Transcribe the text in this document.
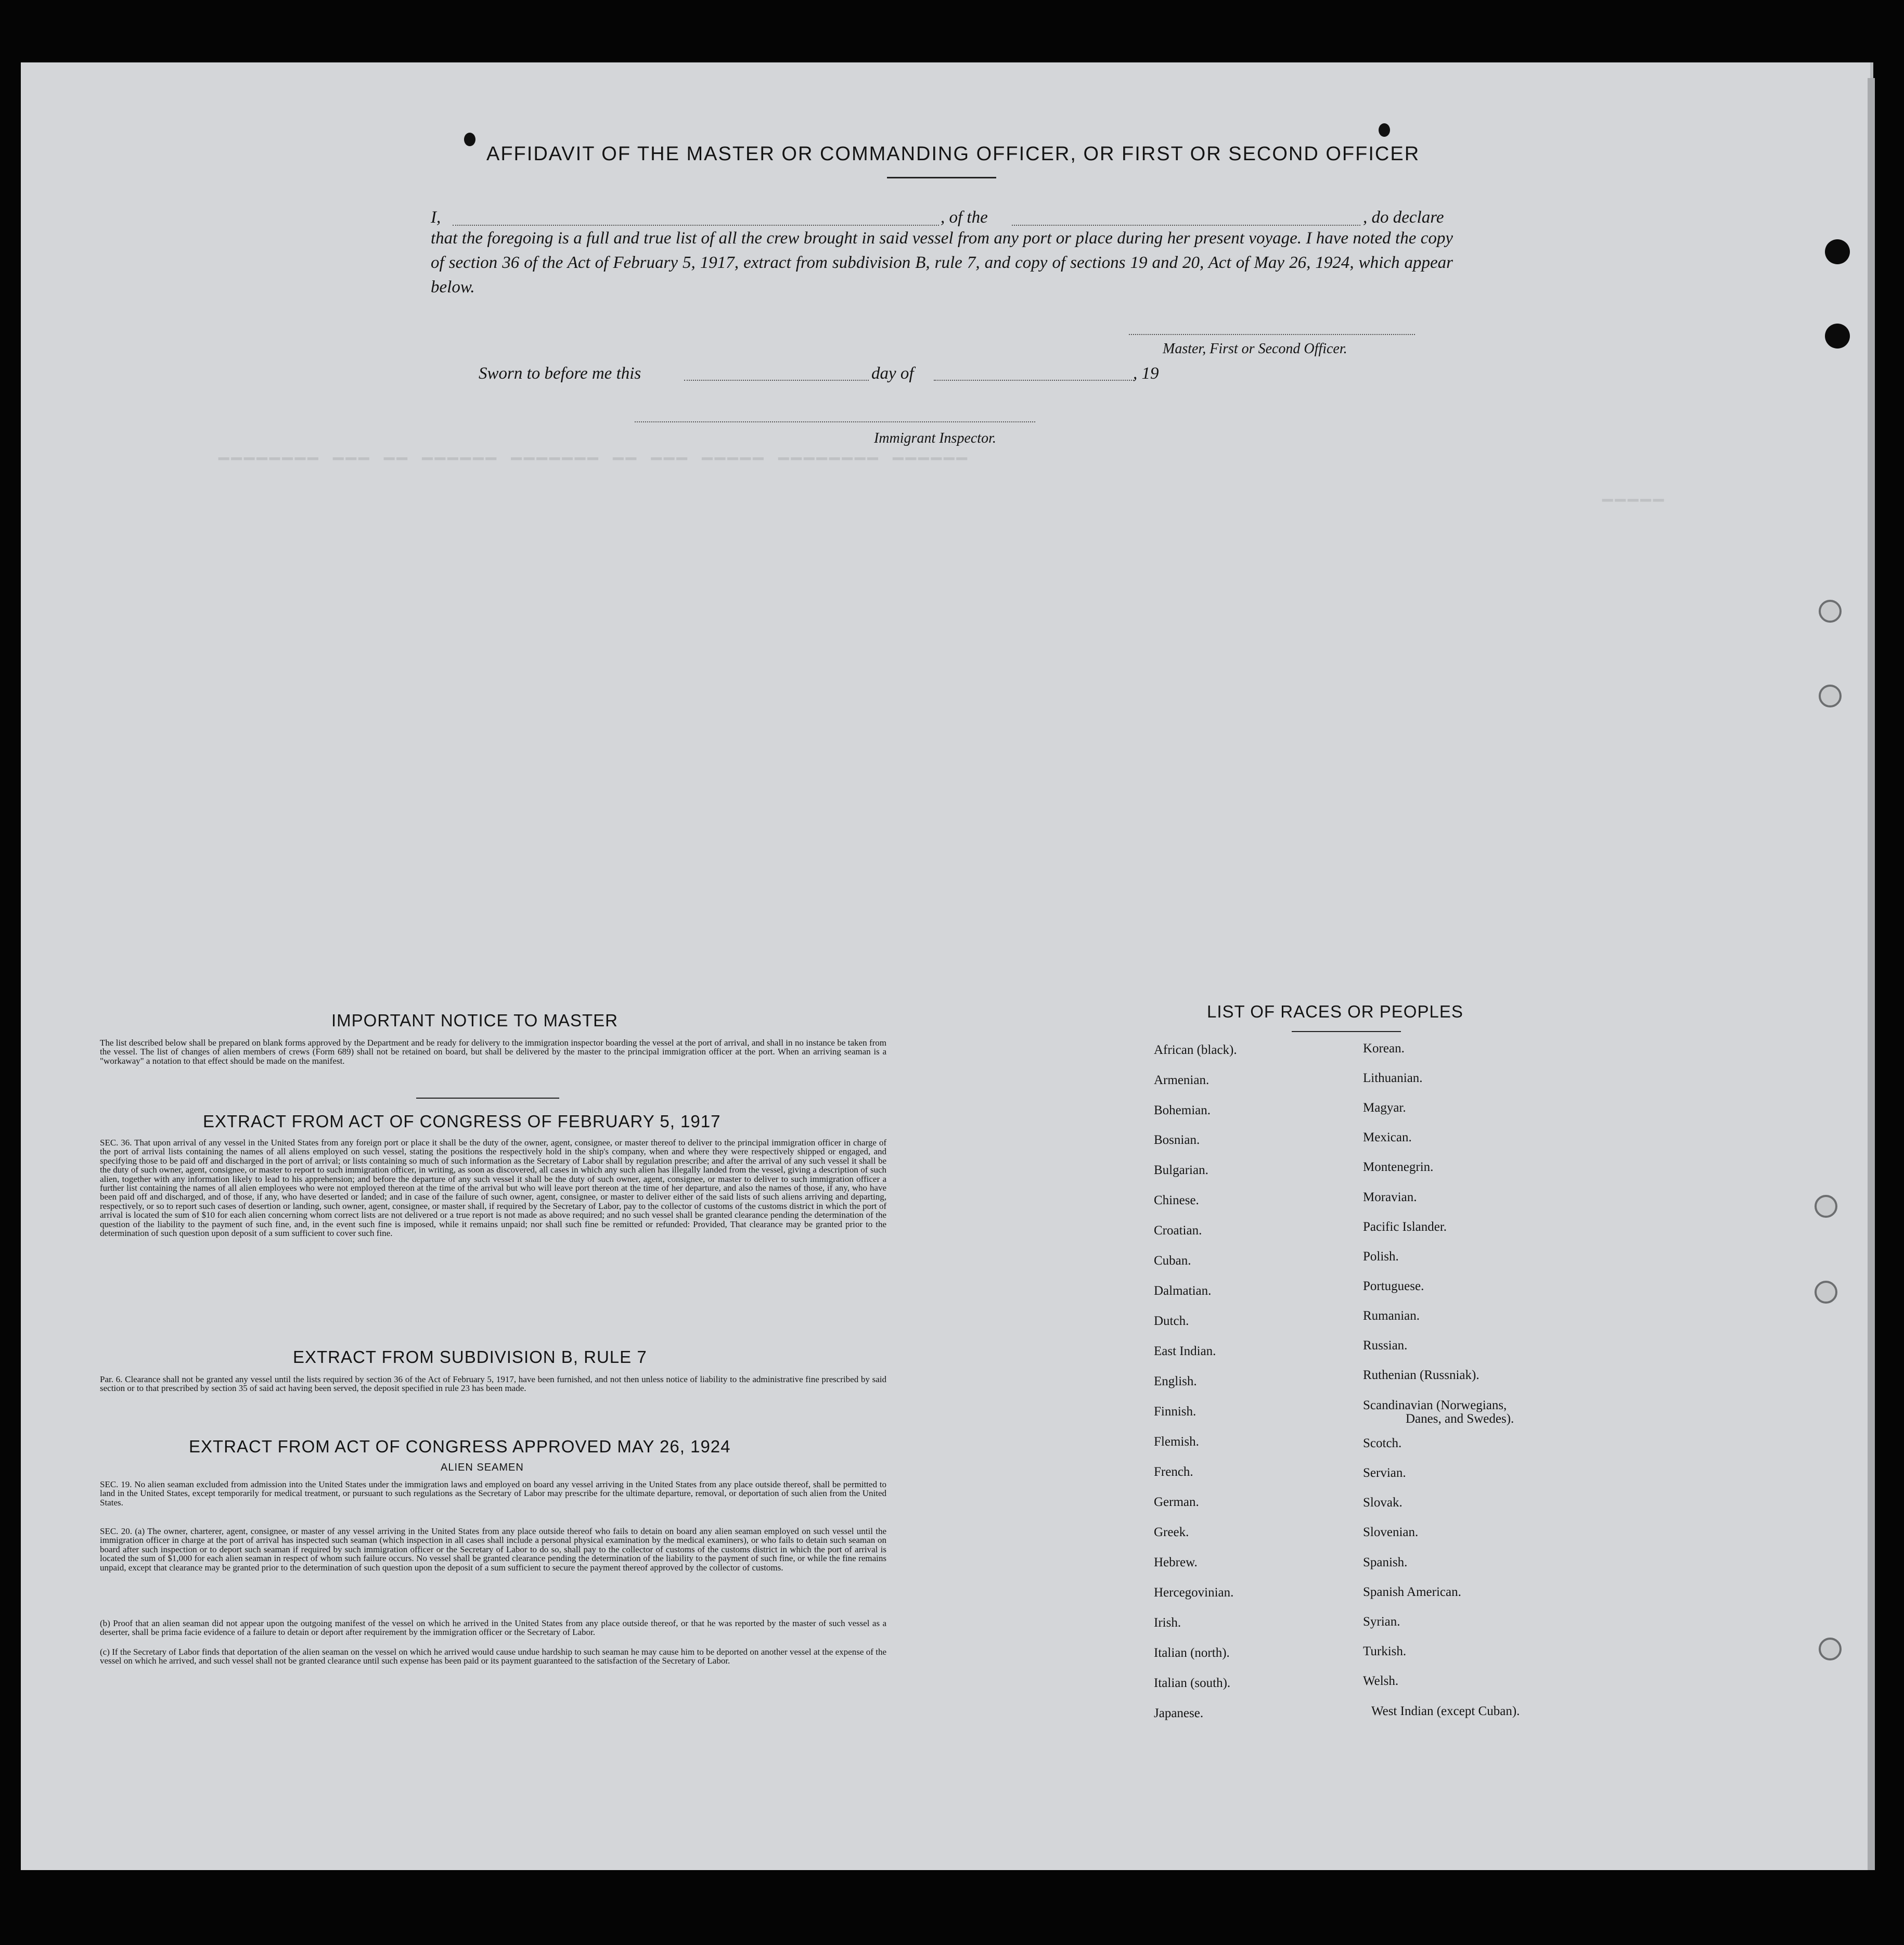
▔▔▔▔▔▔▔▔ ▔▔▔ ▔▔ ▔▔▔▔▔▔ ▔▔▔▔▔▔▔ ▔▔ ▔▔▔ ▔▔▔▔▔ ▔▔▔▔▔▔▔▔ ▔▔▔▔▔▔
▔▔▔▔▔
AFFIDAVIT OF THE MASTER OR COMMANDING OFFICER, OR FIRST OR SECOND OFFICER
I,	, of the	, do declare
that the foregoing is a full and true list of all the crew brought in said vessel from any port or place during her present voyage. I have noted the copy of section 36 of the Act of February 5, 1917, extract from subdivision B, rule 7, and copy of sections 19 and 20, Act of May 26, 1924, which appear below.
Master, First or Second Officer.
Sworn to before me this	day of	, 19
Immigrant Inspector.
IMPORTANT NOTICE TO MASTER
The list described below shall be prepared on blank forms approved by the Department and be ready for delivery to the immigration inspector boarding the vessel at the port of arrival, and shall in no instance be taken from the vessel. The list of changes of alien members of crews (Form 689) shall not be retained on board, but shall be delivered by the master to the principal immigration officer at the port. When an arriving seaman is a "workaway" a notation to that effect should be made on the manifest.
EXTRACT FROM ACT OF CONGRESS OF FEBRUARY 5, 1917
SEC. 36. That upon arrival of any vessel in the United States from any foreign port or place it shall be the duty of the owner, agent, consignee, or master thereof to deliver to the principal immigration officer in charge of the port of arrival lists containing the names of all aliens employed on such vessel, stating the positions the respectively hold in the ship's company, when and where they were respectively shipped or engaged, and specifying those to be paid off and discharged in the port of arrival; or lists containing so much of such information as the Secretary of Labor shall by regulation prescribe; and after the arrival of any such vessel it shall be the duty of such owner, agent, consignee, or master to report to such immigration officer, in writing, as soon as discovered, all cases in which any such alien has illegally landed from the vessel, giving a description of such alien, together with any information likely to lead to his apprehension; and before the departure of any such vessel it shall be the duty of such owner, agent, consignee, or master to deliver to such immigration officer a further list containing the names of all alien employees who were not employed thereon at the time of the arrival but who will leave port thereon at the time of her departure, and also the names of those, if any, who have been paid off and discharged, and of those, if any, who have deserted or landed; and in case of the failure of such owner, agent, consignee, or master to deliver either of the said lists of such aliens arriving and departing, respectively, or so to report such cases of desertion or landing, such owner, agent, consignee, or master shall, if required by the Secretary of Labor, pay to the collector of customs of the customs district in which the port of arrival is located the sum of $10 for each alien concerning whom correct lists are not delivered or a true report is not made as above required; and no such vessel shall be granted clearance pending the determination of the question of the liability to the payment of such fine, and, in the event such fine is imposed, while it remains unpaid; nor shall such fine be remitted or refunded: Provided, That clearance may be granted prior to the determination of such question upon deposit of a sum sufficient to cover such fine.
EXTRACT FROM SUBDIVISION B, RULE 7
Par. 6. Clearance shall not be granted any vessel until the lists required by section 36 of the Act of February 5, 1917, have been furnished, and not then unless notice of liability to the administrative fine prescribed by said section or to that prescribed by section 35 of said act having been served, the deposit specified in rule 23 has been made.
EXTRACT FROM ACT OF CONGRESS APPROVED MAY 26, 1924
ALIEN SEAMEN
SEC. 19. No alien seaman excluded from admission into the United States under the immigration laws and employed on board any vessel arriving in the United States from any place outside thereof, shall be permitted to land in the United States, except temporarily for medical treatment, or pursuant to such regulations as the Secretary of Labor may prescribe for the ultimate departure, removal, or deportation of such alien from the United States.
SEC. 20. (a) The owner, charterer, agent, consignee, or master of any vessel arriving in the United States from any place outside thereof who fails to detain on board any alien seaman employed on such vessel until the immigration officer in charge at the port of arrival has inspected such seaman (which inspection in all cases shall include a personal physical examination by the medical examiners), or who fails to detain such seaman on board after such inspection or to deport such seaman if required by such immigration officer or the Secretary of Labor to do so, shall pay to the collector of customs of the customs district in which the port of arrival is located the sum of $1,000 for each alien seaman in respect of whom such failure occurs. No vessel shall be granted clearance pending the determination of the liability to the payment of such fine, or while the fine remains unpaid, except that clearance may be granted prior to the determination of such question upon the deposit of a sum sufficient to secure the payment thereof approved by the collector of customs.
(b) Proof that an alien seaman did not appear upon the outgoing manifest of the vessel on which he arrived in the United States from any place outside thereof, or that he was reported by the master of such vessel as a deserter, shall be prima facie evidence of a failure to detain or deport after requirement by the immigration officer or the Secretary of Labor.
(c) If the Secretary of Labor finds that deportation of the alien seaman on the vessel on which he arrived would cause undue hardship to such seaman he may cause him to be deported on another vessel at the expense of the vessel on which he arrived, and such vessel shall not be granted clearance until such expense has been paid or its payment guaranteed to the satisfaction of the Secretary of Labor.
LIST OF RACES OR PEOPLES
African (black).
Armenian.
Bohemian.
Bosnian.
Bulgarian.
Chinese.
Croatian.
Cuban.
Dalmatian.
Dutch.
East Indian.
English.
Finnish.
Flemish.
French.
German.
Greek.
Hebrew.
Hercegovinian.
Irish.
Italian (north).
Italian (south).
Japanese.
Korean.
Lithuanian.
Magyar.
Mexican.
Montenegrin.
Moravian.
Pacific Islander.
Polish.
Portuguese.
Rumanian.
Russian.
Ruthenian (Russniak).
Scandinavian (Norwegians,
Danes, and Swedes).
Scotch.
Servian.
Slovak.
Slovenian.
Spanish.
Spanish American.
Syrian.
Turkish.
Welsh.
West Indian (except Cuban).
